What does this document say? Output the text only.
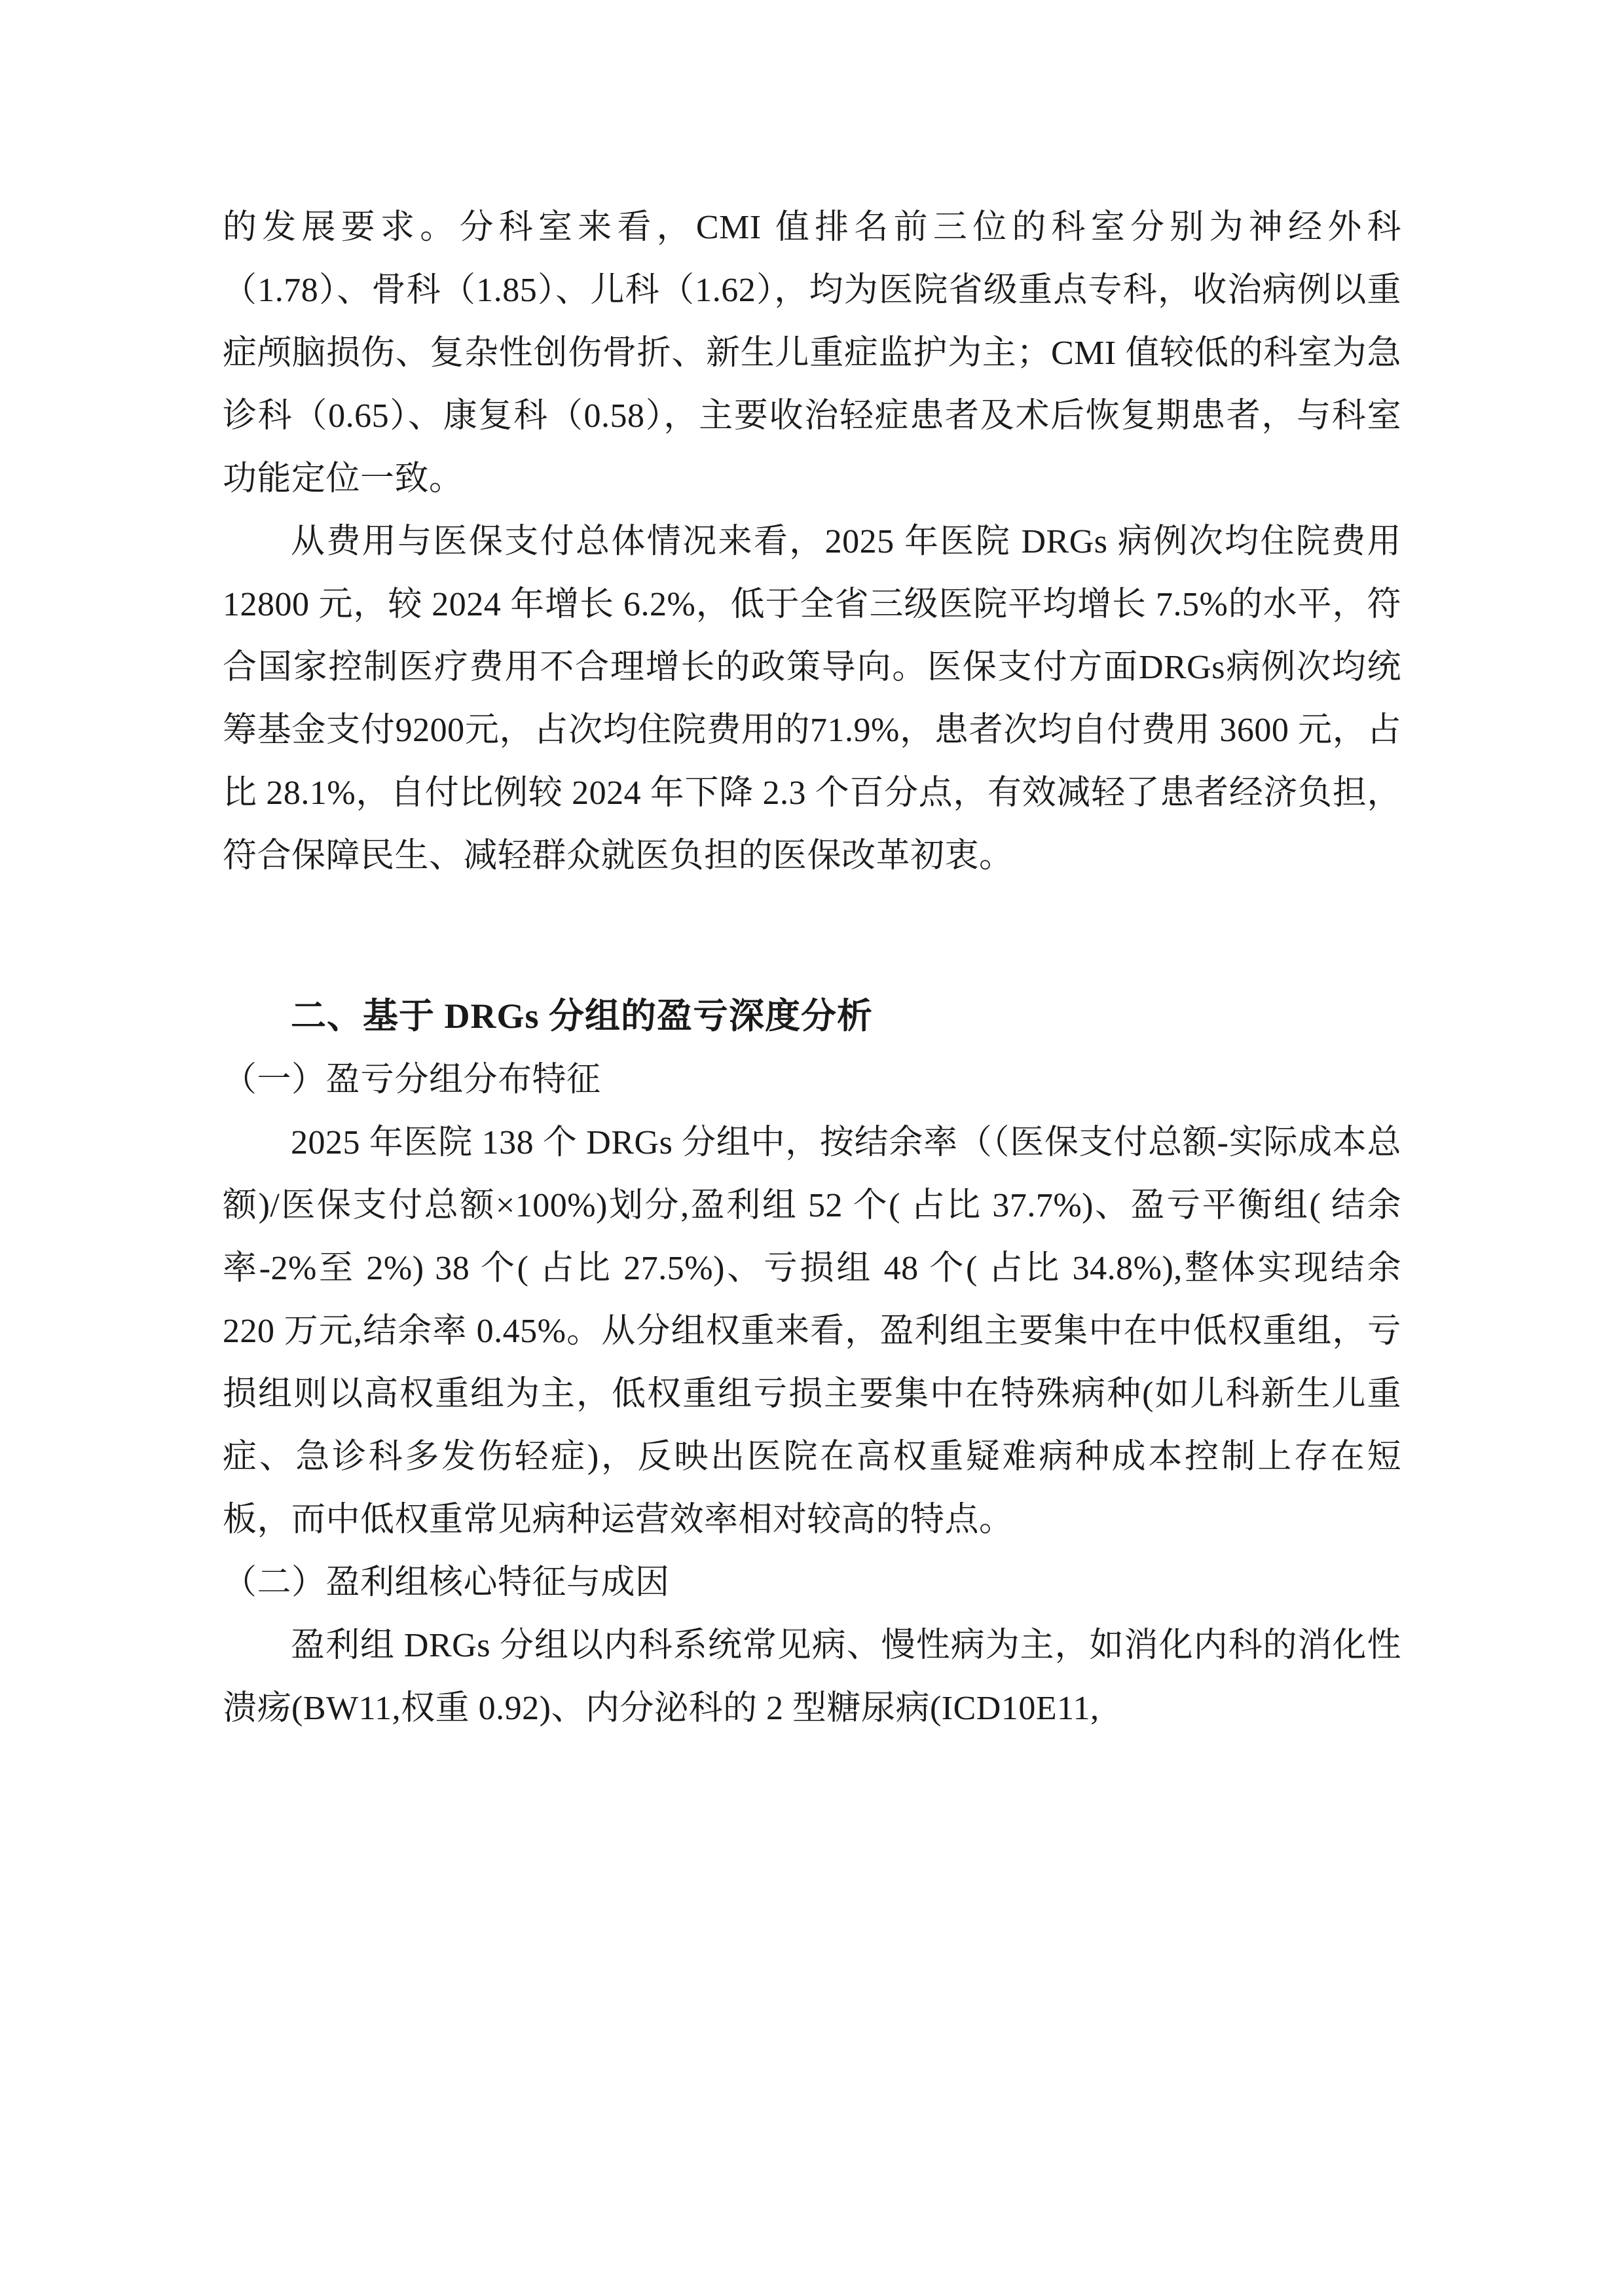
的发展要求。分科室来看，CMI 值排名前三位的科室分别为神经外科（1.78）、骨科（1.85）、儿科（1.62），均为医院省级重点专科，收治病例以重症颅脑损伤、复杂性创伤骨折、新生儿重症监护为主；CMI 值较低的科室为急诊科（0.65）、康复科（0.58），主要收治轻症患者及术后恢复期患者，与科室功能定位一致。

从费用与医保支付总体情况来看，2025 年医院 DRGs 病例次均住院费用 12800 元，较 2024 年增长 6.2%，低于全省三级医院平均增长 7.5%的水平，符合国家控制医疗费用不合理增长的政策导向。医保支付方面DRGs病例次均统筹基金支付9200元，占次均住院费用的71.9%，患者次均自付费用 3600 元，占比 28.1%，自付比例较 2024 年下降 2.3 个百分点，有效减轻了患者经济负担，符合保障民生、减轻群众就医负担的医保改革初衷。

二、基于 DRGs 分组的盈亏深度分析

（一）盈亏分组分布特征

2025 年医院 138 个 DRGs 分组中，按结余率（（医保支付总额-实际成本总额)/医保支付总额×100%)划分,盈利组 52 个( 占比 37.7%)、盈亏平衡组( 结余率-2%至 2%) 38 个( 占比 27.5%)、亏损组 48 个( 占比 34.8%),整体实现结余 220 万元,结余率 0.45%。从分组权重来看，盈利组主要集中在中低权重组，亏损组则以高权重组为主，低权重组亏损主要集中在特殊病种(如儿科新生儿重症、急诊科多发伤轻症)，反映出医院在高权重疑难病种成本控制上存在短板，而中低权重常见病种运营效率相对较高的特点。

（二）盈利组核心特征与成因

盈利组 DRGs 分组以内科系统常见病、慢性病为主，如消化内科的消化性溃疡(BW11,权重 0.92)、内分泌科的 2 型糖尿病(ICD10E11,
